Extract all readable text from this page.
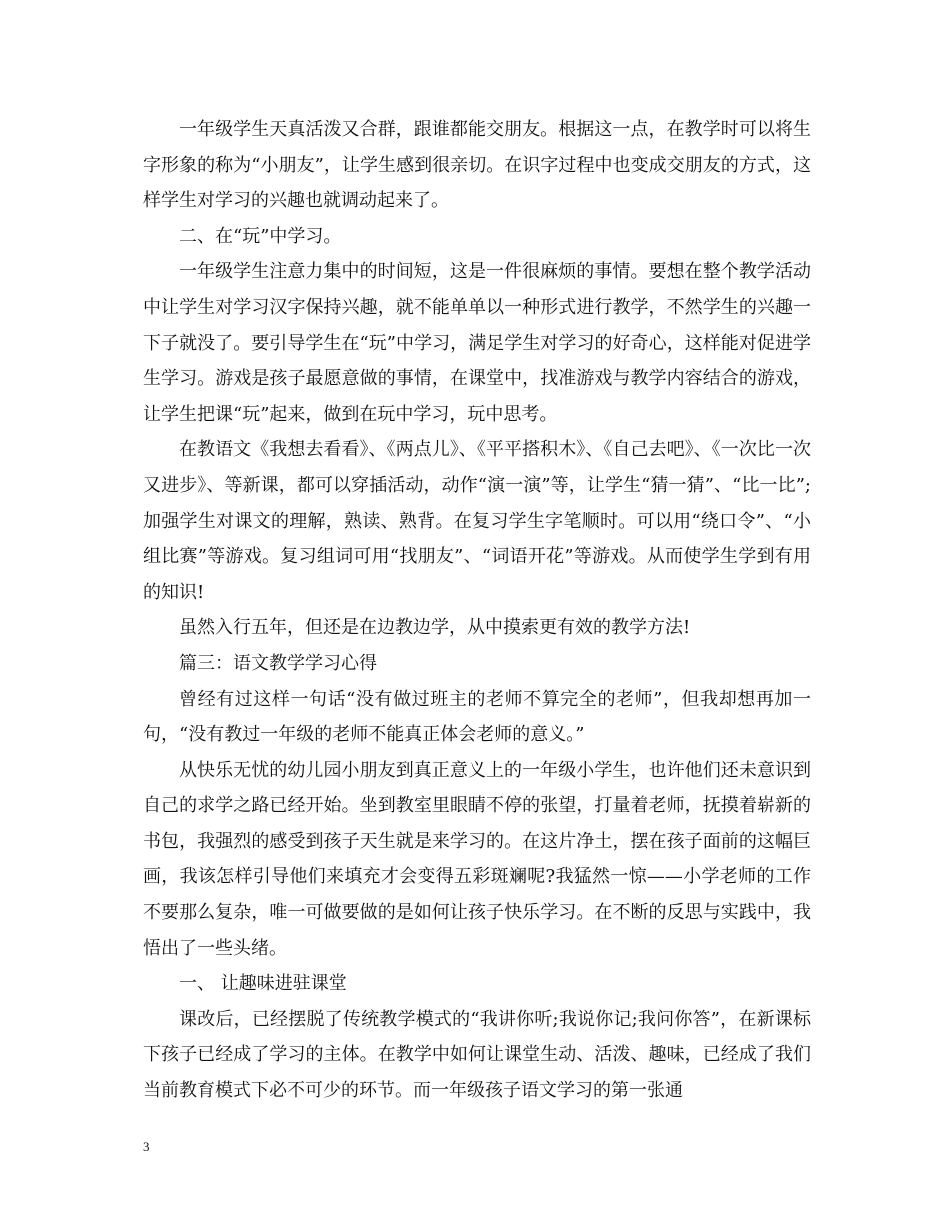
一年级学生天真活泼又合群，跟谁都能交朋友。根据这一点，在教学时可以将生字形象的称为“小朋友”，让学生感到很亲切。在识字过程中也变成交朋友的方式，这样学生对学习的兴趣也就调动起来了。

二、在“玩”中学习。

一年级学生注意力集中的时间短，这是一件很麻烦的事情。要想在整个教学活动中让学生对学习汉字保持兴趣，就不能单单以一种形式进行教学，不然学生的兴趣一下子就没了。要引导学生在“玩”中学习，满足学生对学习的好奇心，这样能对促进学生学习。游戏是孩子最愿意做的事情，在课堂中，找准游戏与教学内容结合的游戏，让学生把课“玩”起来，做到在玩中学习，玩中思考。

在教语文《我想去看看》、《两点儿》、《平平搭积木》、《自己去吧》、《一次比一次又进步》、等新课，都可以穿插活动，动作“演一演”等，让学生“猜一猜”、“比一比”;加强学生对课文的理解，熟读、熟背。在复习学生字笔顺时。可以用“绕口令”、“小组比赛”等游戏。复习组词可用“找朋友”、“词语开花”等游戏。从而使学生学到有用的知识!

虽然入行五年，但还是在边教边学，从中摸索更有效的教学方法!

篇三：语文教学学习心得

曾经有过这样一句话“没有做过班主的老师不算完全的老师”，但我却想再加一句，“没有教过一年级的老师不能真正体会老师的意义。”

从快乐无忧的幼儿园小朋友到真正意义上的一年级小学生，也许他们还未意识到自己的求学之路已经开始。坐到教室里眼睛不停的张望，打量着老师，抚摸着崭新的书包，我强烈的感受到孩子天生就是来学习的。在这片净土，摆在孩子面前的这幅巨画，我该怎样引导他们来填充才会变得五彩斑斓呢?我猛然一惊——小学老师的工作不要那么复杂，唯一可做要做的是如何让孩子快乐学习。在不断的反思与实践中，我悟出了一些头绪。

一、 让趣味进驻课堂

课改后，已经摆脱了传统教学模式的“我讲你听;我说你记;我问你答”，在新课标下孩子已经成了学习的主体。在教学中如何让课堂生动、活泼、趣味，已经成了我们当前教育模式下必不可少的环节。而一年级孩子语文学习的第一张通

3
